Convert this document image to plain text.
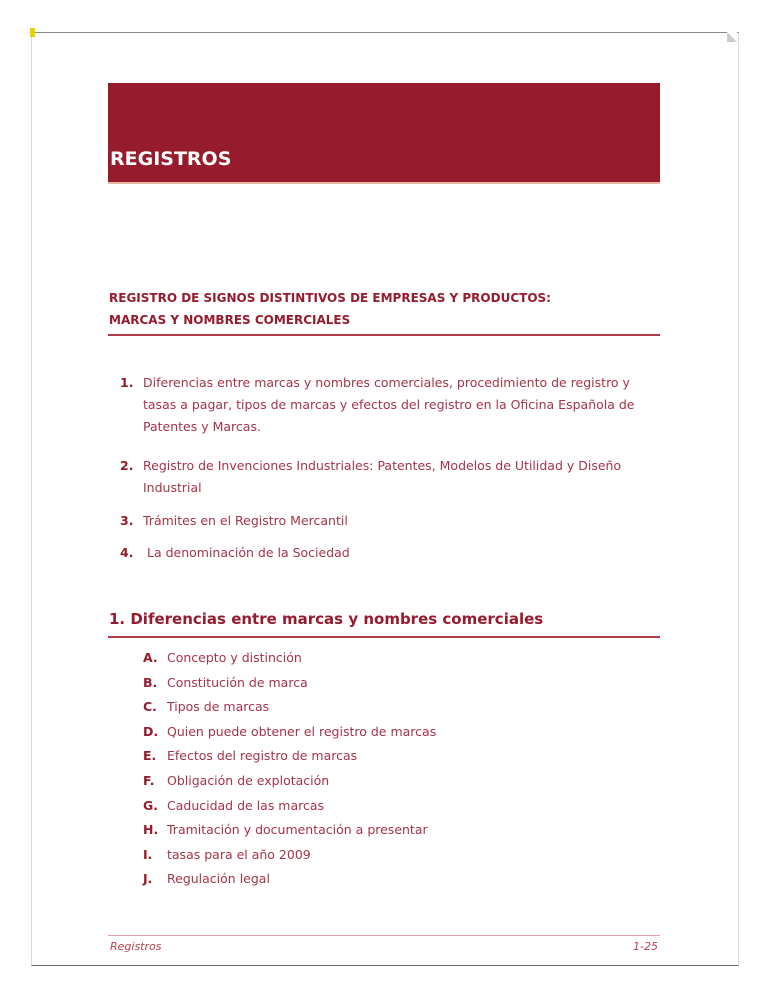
REGISTROS
REGISTRO DE SIGNOS DISTINTIVOS DE EMPRESAS Y PRODUCTOS:
MARCAS Y NOMBRES COMERCIALES
1. Diferencias entre marcas y nombres comerciales, procedimiento de registro y
tasas a pagar, tipos de marcas y efectos del registro en la Oficina Española de
Patentes y Marcas.
2. Registro de Invenciones Industriales: Patentes, Modelos de Utilidad y Diseño
Industrial
3. Trámites en el Registro Mercantil
4. La denominación de la Sociedad
1. Diferencias entre marcas y nombres comerciales
A. Concepto y distinción
B. Constitución de marca
C. Tipos de marcas
D. Quien puede obtener el registro de marcas
E. Efectos del registro de marcas
F. Obligación de explotación
G. Caducidad de las marcas
H. Tramitación y documentación a presentar
I. tasas para el año 2009
J. Regulación legal
Registros	1-25
